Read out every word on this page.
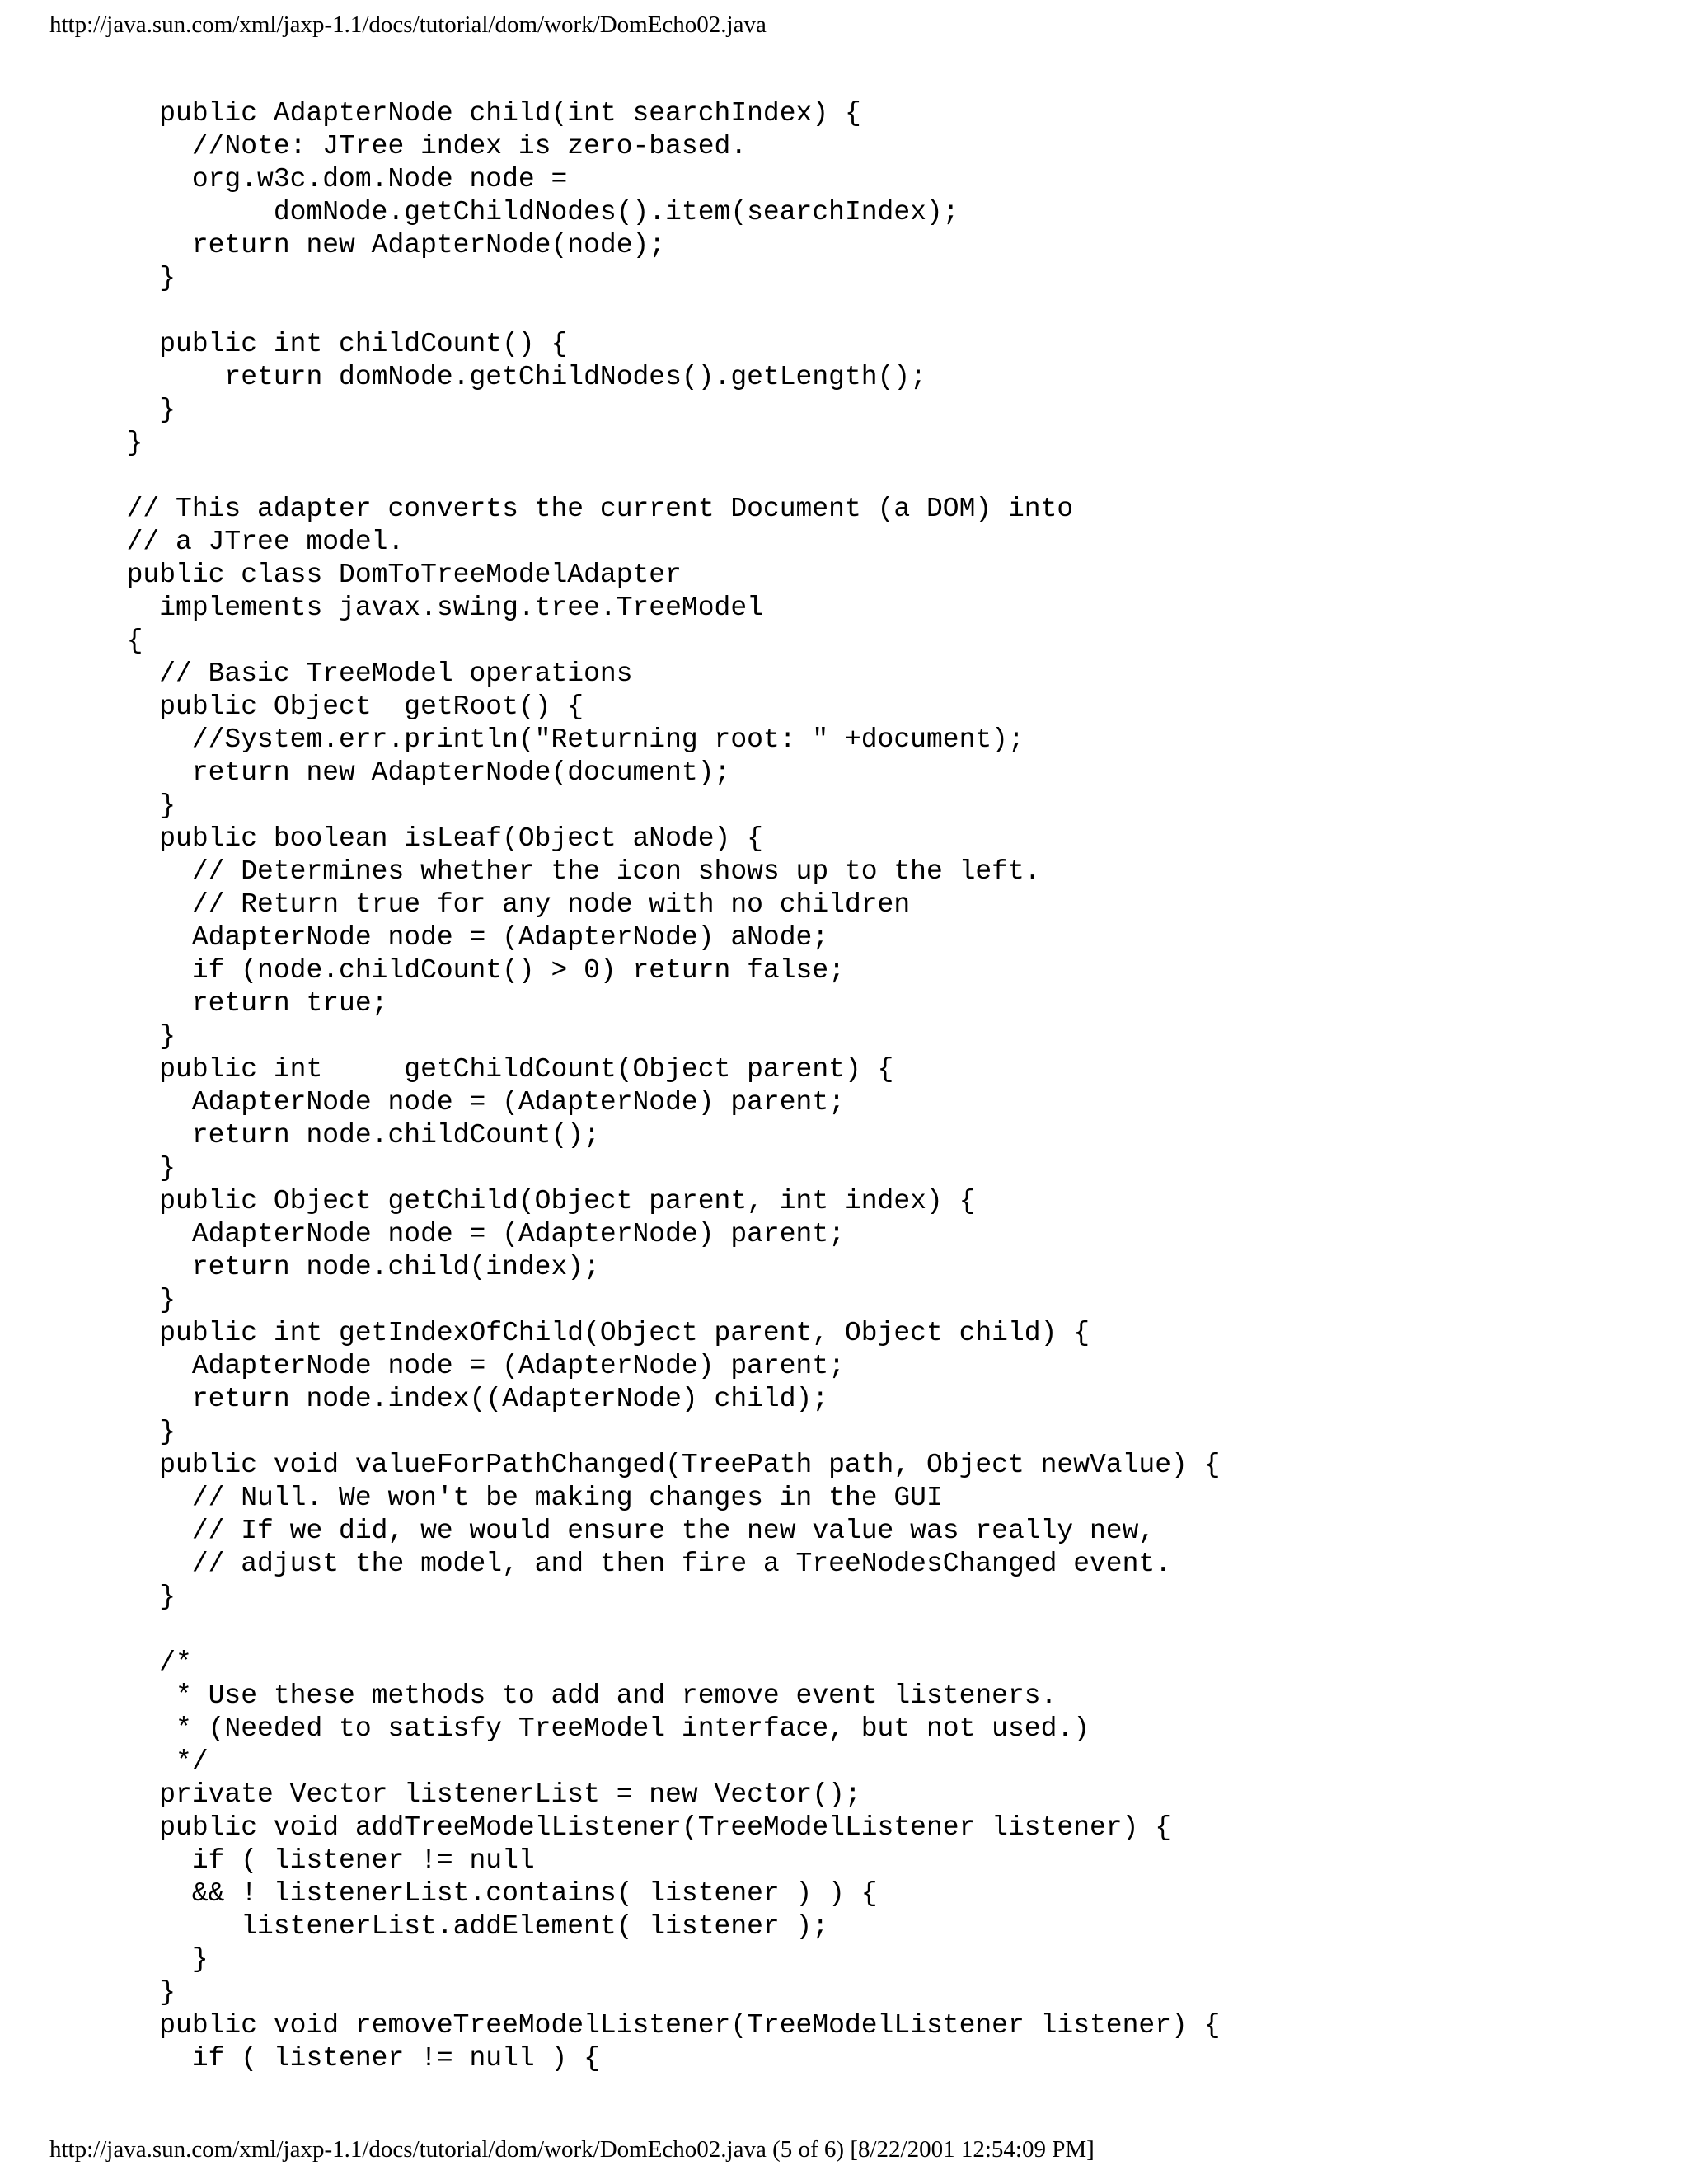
http://java.sun.com/xml/jaxp-1.1/docs/tutorial/dom/work/DomEcho02.java
public AdapterNode child(int searchIndex) {
//Note: JTree index is zero-based.
org.w3c.dom.Node node =
domNode.getChildNodes().item(searchIndex);
return new AdapterNode(node);
}
public int childCount() {
return domNode.getChildNodes().getLength();
}
}
// This adapter converts the current Document (a DOM) into
// a JTree model.
public class DomToTreeModelAdapter
implements javax.swing.tree.TreeModel
{
// Basic TreeModel operations
public Object  getRoot() {
//System.err.println("Returning root: " +document);
return new AdapterNode(document);
}
public boolean isLeaf(Object aNode) {
// Determines whether the icon shows up to the left.
// Return true for any node with no children
AdapterNode node = (AdapterNode) aNode;
if (node.childCount() > 0) return false;
return true;
}
public int     getChildCount(Object parent) {
AdapterNode node = (AdapterNode) parent;
return node.childCount();
}
public Object getChild(Object parent, int index) {
AdapterNode node = (AdapterNode) parent;
return node.child(index);
}
public int getIndexOfChild(Object parent, Object child) {
AdapterNode node = (AdapterNode) parent;
return node.index((AdapterNode) child);
}
public void valueForPathChanged(TreePath path, Object newValue) {
// Null. We won't be making changes in the GUI
// If we did, we would ensure the new value was really new,
// adjust the model, and then fire a TreeNodesChanged event.
}
/*
* Use these methods to add and remove event listeners.
* (Needed to satisfy TreeModel interface, but not used.)
*/
private Vector listenerList = new Vector();
public void addTreeModelListener(TreeModelListener listener) {
if ( listener != null
&& ! listenerList.contains( listener ) ) {
listenerList.addElement( listener );
}
}
public void removeTreeModelListener(TreeModelListener listener) {
if ( listener != null ) {
http://java.sun.com/xml/jaxp-1.1/docs/tutorial/dom/work/DomEcho02.java (5 of 6) [8/22/2001 12:54:09 PM]
